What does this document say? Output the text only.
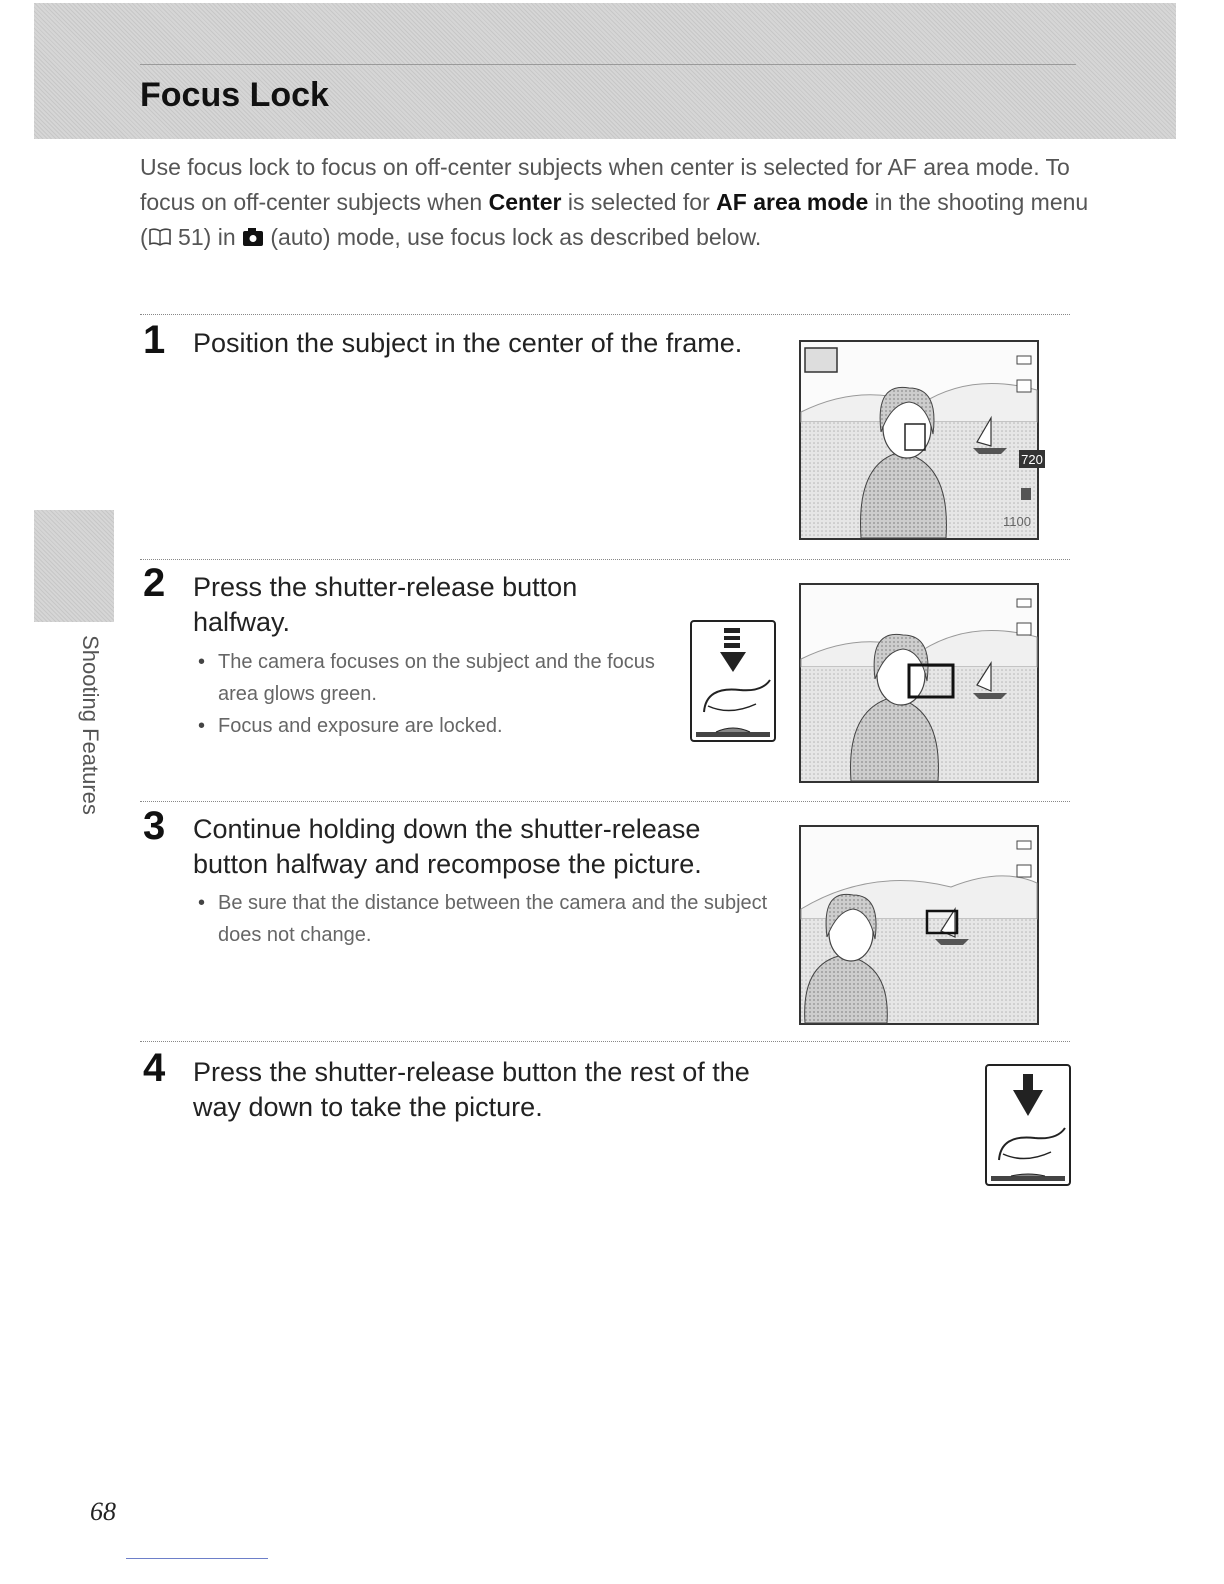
Focus Lock

Use focus lock to focus on off-center subjects when center is selected for AF area mode. To focus on off-center subjects when Center is selected for AF area mode in the shooting menu ( 51) in  (auto) mode, use focus lock as described below.

1 Position the subject in the center of the frame.

720
1100
2 Press the shutter-release button halfway.

• The camera focuses on the subject and the focus area glows green.
• Focus and exposure are locked.
3 Continue holding down the shutter-release button halfway and recompose the picture.

• Be sure that the distance between the camera and the subject does not change.
4 Press the shutter-release button the rest of the way down to take the picture.

Shooting Features

68
